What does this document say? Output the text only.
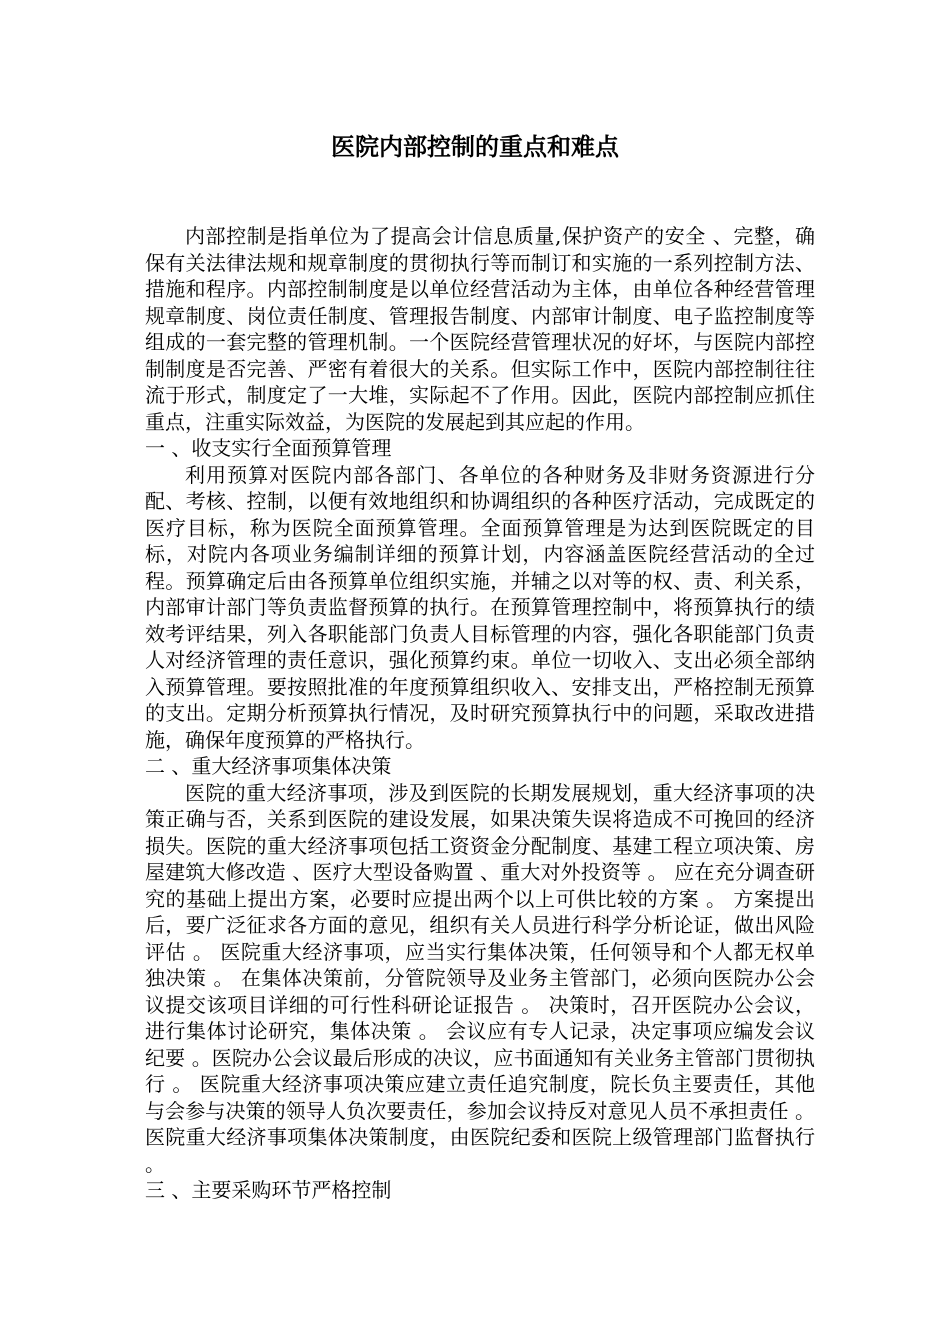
医院内部控制的重点和难点

内部控制是指单位为了提高会计信息质量,保护资产的安全 、完整，确保有关法律法规和规章制度的贯彻执行等而制订和实施的一系列控制方法、措施和程序。内部控制制度是以单位经营活动为主体，由单位各种经营管理规章制度、岗位责任制度、管理报告制度、内部审计制度、电子监控制度等组成的一套完整的管理机制。一个医院经营管理状况的好坏，与医院内部控制制度是否完善、严密有着很大的关系。但实际工作中，医院内部控制往往流于形式，制度定了一大堆，实际起不了作用。因此，医院内部控制应抓住重点，注重实际效益，为医院的发展起到其应起的作用。

一 、收支实行全面预算管理

利用预算对医院内部各部门、各单位的各种财务及非财务资源进行分配、考核、控制，以便有效地组织和协调组织的各种医疗活动，完成既定的医疗目标，称为医院全面预算管理。全面预算管理是为达到医院既定的目标，对院内各项业务编制详细的预算计划，内容涵盖医院经营活动的全过程。预算确定后由各预算单位组织实施，并辅之以对等的权、责、利关系，内部审计部门等负责监督预算的执行。在预算管理控制中，将预算执行的绩效考评结果，列入各职能部门负责人目标管理的内容，强化各职能部门负责人对经济管理的责任意识，强化预算约束。单位一切收入、支出必须全部纳入预算管理。要按照批准的年度预算组织收入、安排支出，严格控制无预算的支出。定期分析预算执行情况，及时研究预算执行中的问题，采取改进措施，确保年度预算的严格执行。

二 、重大经济事项集体决策

医院的重大经济事项，涉及到医院的长期发展规划，重大经济事项的决策正确与否，关系到医院的建设发展，如果决策失误将造成不可挽回的经济损失。医院的重大经济事项包括工资资金分配制度、基建工程立项决策、房屋建筑大修改造 、医疗大型设备购置 、重大对外投资等 。 应在充分调查研究的基础上提出方案，必要时应提出两个以上可供比较的方案 。 方案提出后，要广泛征求各方面的意见，组织有关人员进行科学分析论证，做出风险评估 。 医院重大经济事项，应当实行集体决策，任何领导和个人都无权单独决策 。 在集体决策前，分管院领导及业务主管部门，必须向医院办公会议提交该项目详细的可行性科研论证报告 。 决策时，召开医院办公会议，进行集体讨论研究，集体决策 。 会议应有专人记录，决定事项应编发会议纪要 。医院办公会议最后形成的决议，应书面通知有关业务主管部门贯彻执行 。 医院重大经济事项决策应建立责任追究制度，院长负主要责任，其他与会参与决策的领导人负次要责任，参加会议持反对意见人员不承担责任 。 医院重大经济事项集体决策制度，由医院纪委和医院上级管理部门监督执行 。

三 、主要采购环节严格控制
